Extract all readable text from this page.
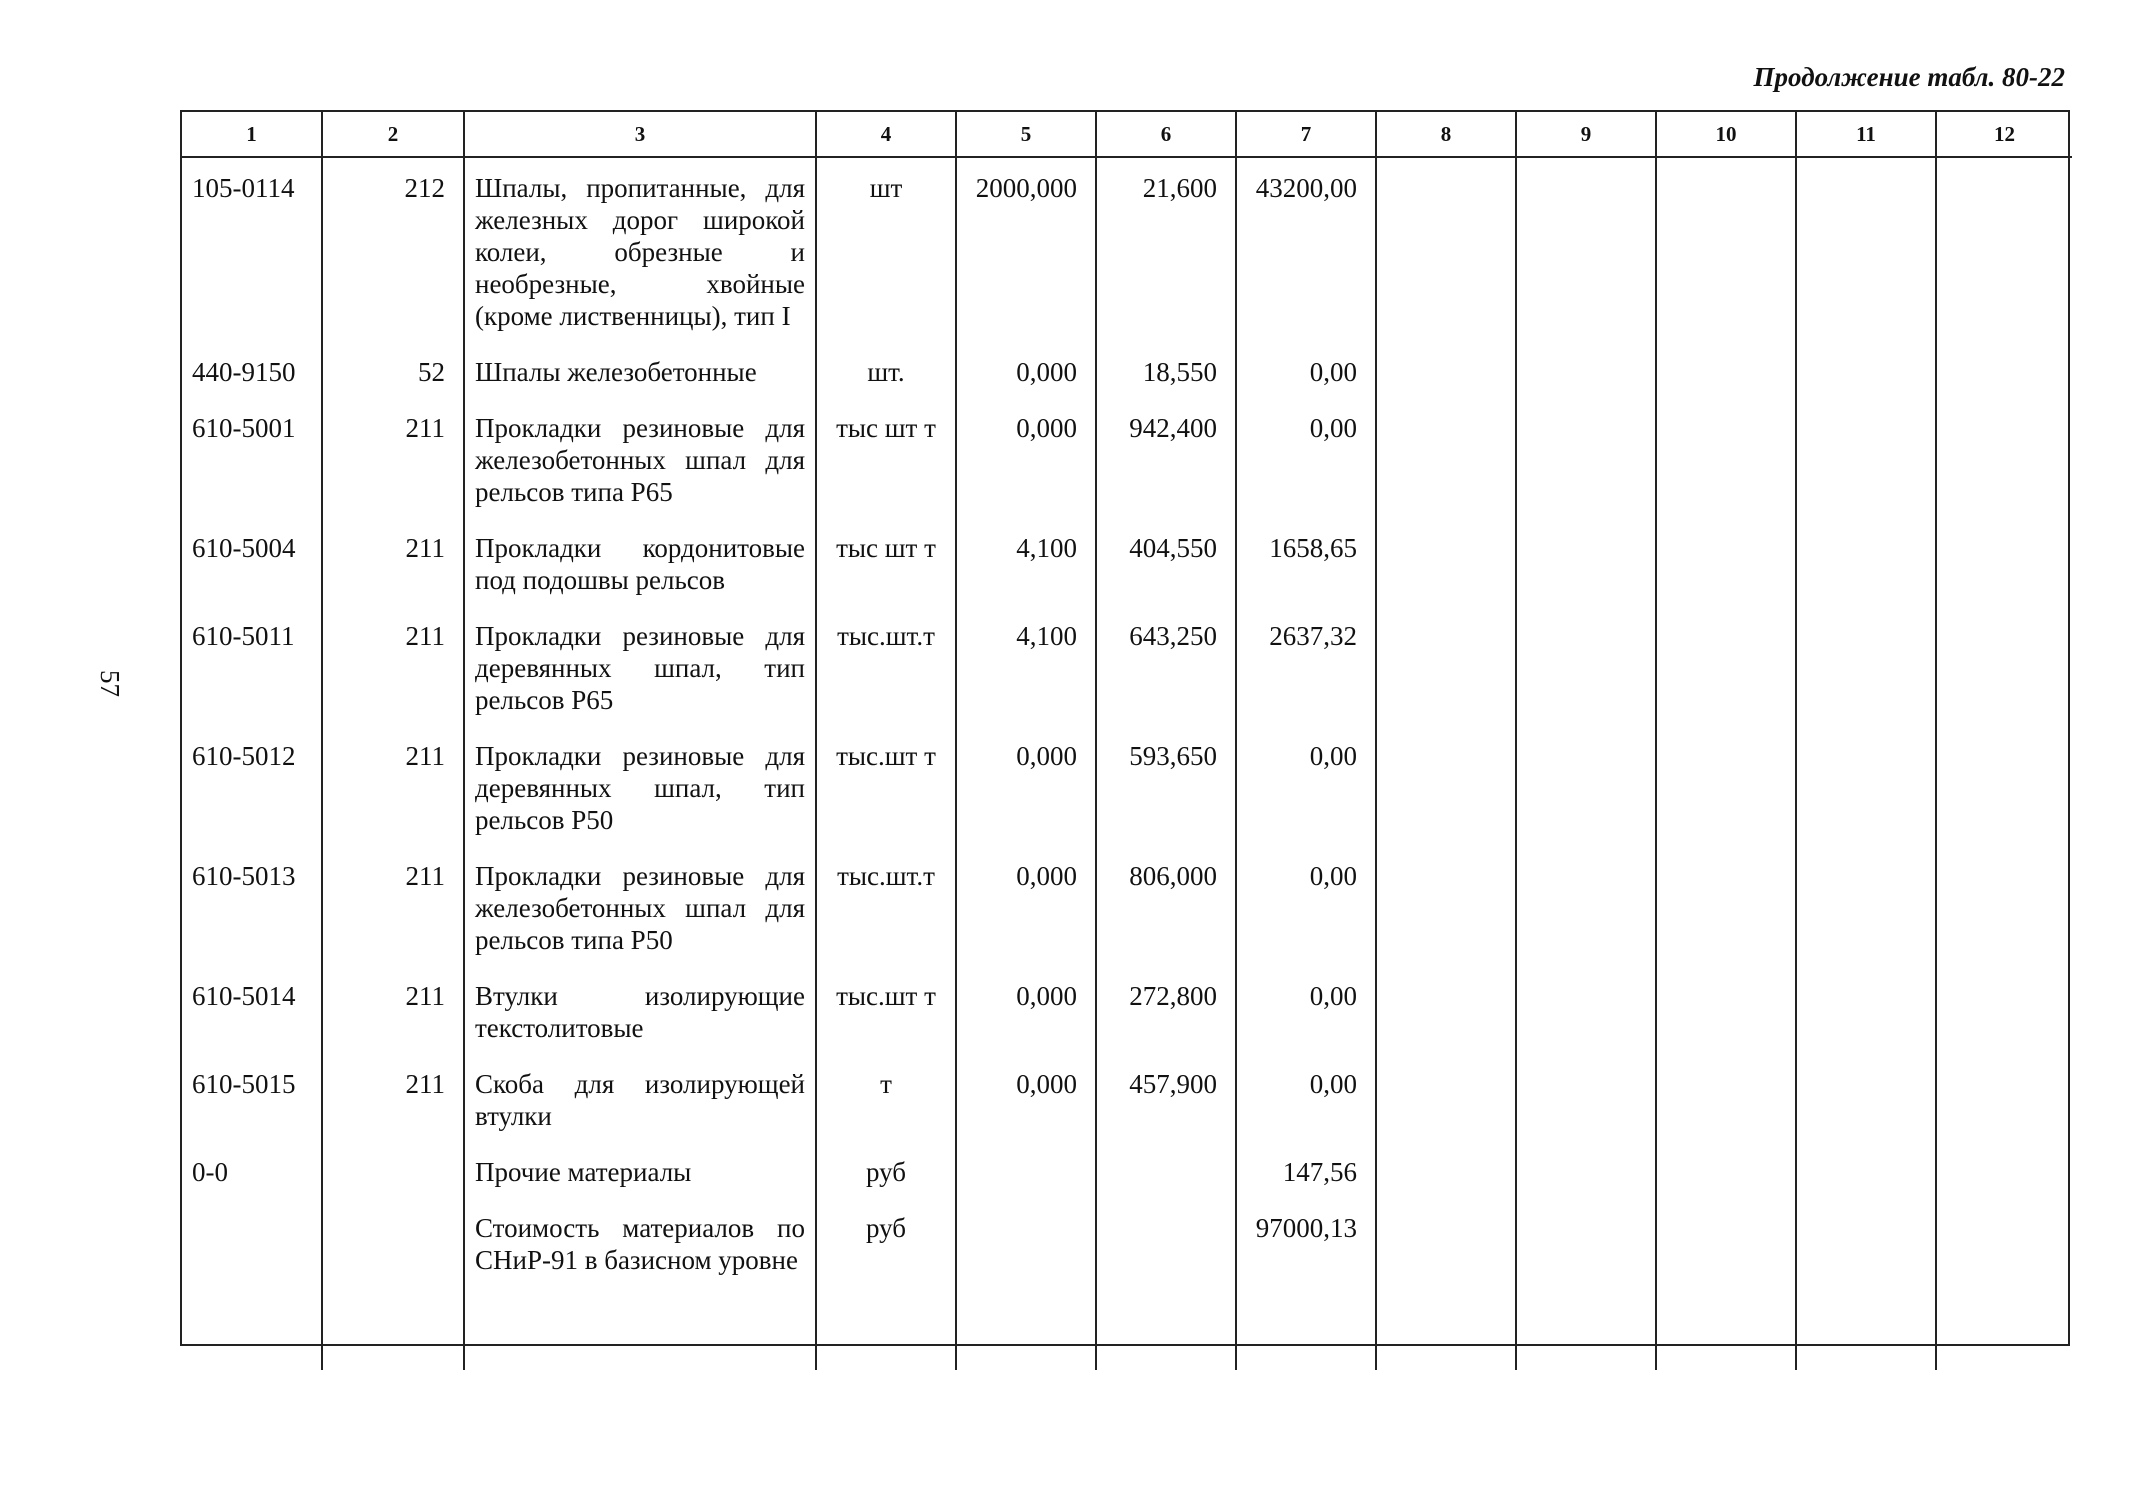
Продолжение табл. 80-22
57
1	2	3	4	5	6	7	8	9	10	11	12
105-0114	212	Шпалы, пропитанные, для железных дорог широкой колеи, обрезные и необрезные, хвойные (кроме лиственницы), тип I	шт	2000,000	21,600	43200,00					
440-9150	52	Шпалы железобетонные	шт.	0,000	18,550	0,00					
610-5001	211	Прокладки резиновые для железобетонных шпал для рельсов типа Р65	тыс шт т	0,000	942,400	0,00					
610-5004	211	Прокладки кордонитовые под подошвы рельсов	тыс шт т	4,100	404,550	1658,65					
610-5011	211	Прокладки резиновые для деревянных шпал, тип рельсов Р65	тыс.шт.т	4,100	643,250	2637,32					
610-5012	211	Прокладки резиновые для деревянных шпал, тип рельсов Р50	тыс.шт т	0,000	593,650	0,00					
610-5013	211	Прокладки резиновые для железобетонных шпал для рельсов типа Р50	тыс.шт.т	0,000	806,000	0,00					
610-5014	211	Втулки изолирующие текстолитовые	тыс.шт т	0,000	272,800	0,00					
610-5015	211	Скоба для изолирующей втулки	т	0,000	457,900	0,00					
0-0		Прочие материалы	руб			147,56					
		Стоимость материалов по СНиР-91 в базисном уровне	руб			97000,13					
